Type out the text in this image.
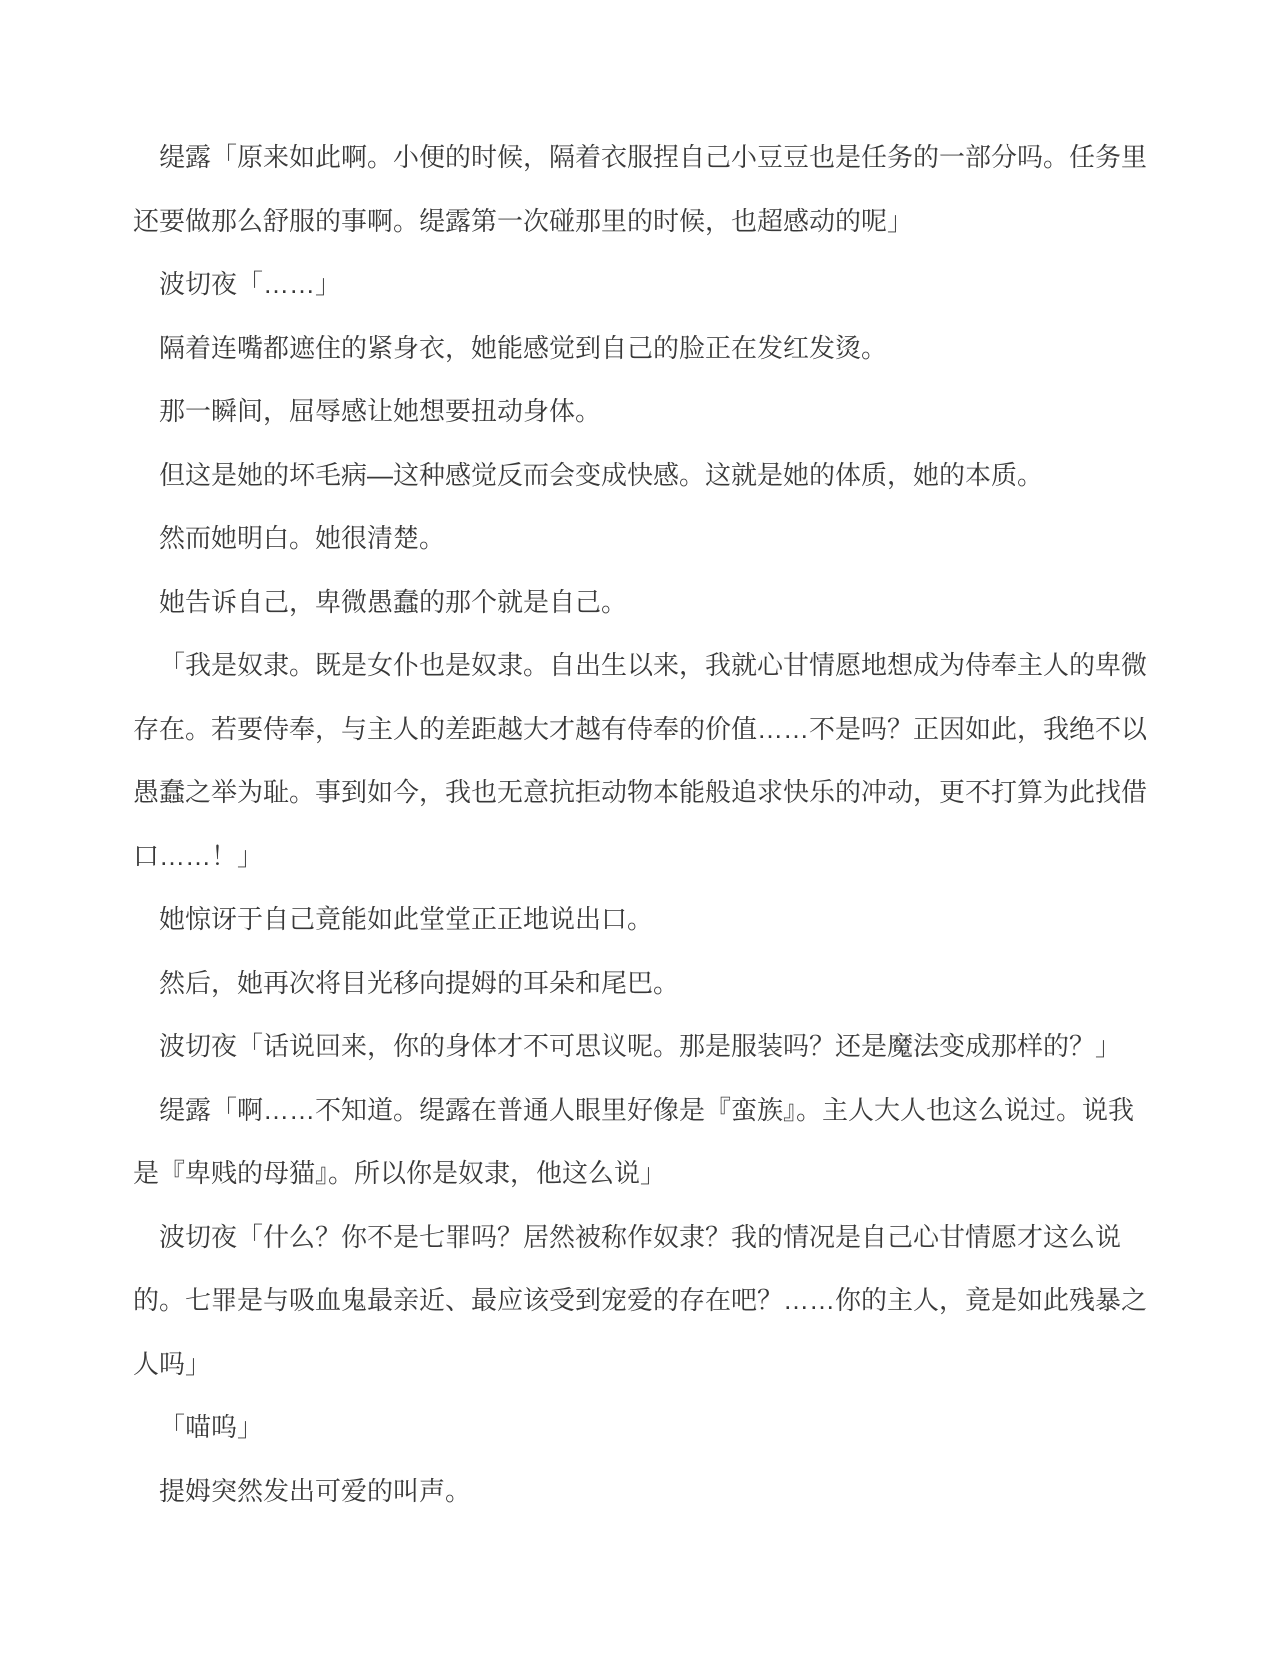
缇露「原来如此啊。小便的时候，隔着衣服捏自己小豆豆也是任务的一部分吗。任务里还要做那么舒服的事啊。缇露第一次碰那里的时候，也超感动的呢」

波切夜「……」

隔着连嘴都遮住的紧身衣，她能感觉到自己的脸正在发红发烫。

那一瞬间，屈辱感让她想要扭动身体。

但这是她的坏毛病—这种感觉反而会变成快感。这就是她的体质，她的本质。

然而她明白。她很清楚。

她告诉自己，卑微愚蠢的那个就是自己。

「我是奴隶。既是女仆也是奴隶。自出生以来，我就心甘情愿地想成为侍奉主人的卑微存在。若要侍奉，与主人的差距越大才越有侍奉的价值……不是吗？正因如此，我绝不以愚蠢之举为耻。事到如今，我也无意抗拒动物本能般追求快乐的冲动，更不打算为此找借口……！」

她惊讶于自己竟能如此堂堂正正地说出口。

然后，她再次将目光移向提姆的耳朵和尾巴。

波切夜「话说回来，你的身体才不可思议呢。那是服装吗？还是魔法变成那样的？」

缇露「啊……不知道。缇露在普通人眼里好像是『蛮族』。主人大人也这么说过。说我是『卑贱的母猫』。所以你是奴隶，他这么说」

波切夜「什么？你不是七罪吗？居然被称作奴隶？我的情况是自己心甘情愿才这么说的。七罪是与吸血鬼最亲近、最应该受到宠爱的存在吧？……你的主人，竟是如此残暴之人吗」

「喵呜」

提姆突然发出可爱的叫声。
